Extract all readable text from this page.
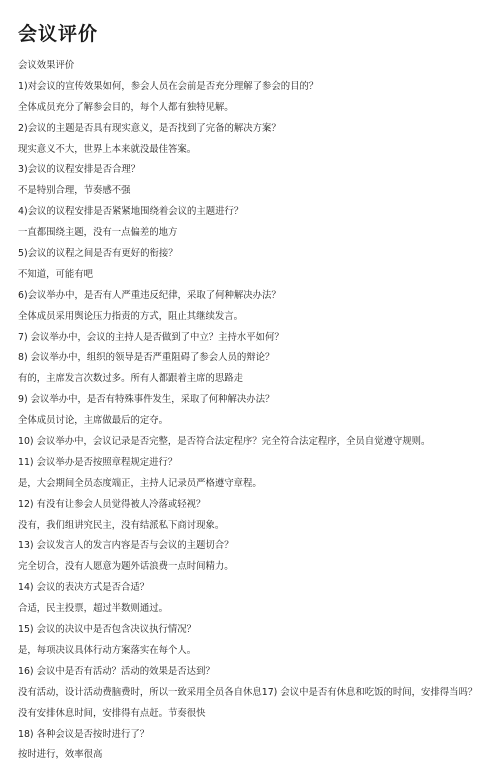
会议评价
会议效果评价
1)对会议的宣传效果如何，参会人员在会前是否充分理解了参会的目的？
全体成员充分了解参会目的，每个人都有独特见解。
2)会议的主题是否具有现实意义，是否找到了完备的解决方案？
现实意义不大，世界上本来就没最佳答案。
3)会议的议程安排是否合理？
不是特别合理，节奏感不强
4)会议的议程安排是否紧紧地围绕着会议的主题进行？
一直都围绕主题，没有一点偏差的地方
5)会议的议程之间是否有更好的衔接？
不知道，可能有吧
6)会议举办中，是否有人严重违反纪律，采取了何种解决办法？
全体成员采用舆论压力指责的方式，阻止其继续发言。
7) 会议举办中，会议的主持人是否做到了中立？主持水平如何？
8) 会议举办中，组织的领导是否严重阻碍了参会人员的辩论？
有的，主席发言次数过多。所有人都跟着主席的思路走
9) 会议举办中，是否有特殊事件发生，采取了何种解决办法？
全体成员讨论，主席做最后的定夺。
10) 会议举办中，会议记录是否完整，是否符合法定程序？完全符合法定程序，全员自觉遵守规则。
11) 会议举办是否按照章程规定进行？
是，大会期间全员态度端正，主持人记录员严格遵守章程。
12) 有没有让参会人员觉得被人冷落或轻视？
没有，我们组讲究民主，没有结派私下商讨现象。
13) 会议发言人的发言内容是否与会议的主题切合？
完全切合，没有人愿意为题外话浪费一点时间精力。
14) 会议的表决方式是否合适？
合适，民主投票，超过半数则通过。
15) 会议的决议中是否包含决议执行情况？
是，每项决议具体行动方案落实在每个人。
16) 会议中是否有活动？活动的效果是否达到？
没有活动，设计活动费脑费时，所以一致采用全员各自休息17) 会议中是否有休息和吃饭的时间，安排得当吗？
没有安排休息时间，安排得有点赶。节奏很快
18) 各种会议是否按时进行了？
按时进行，效率很高
